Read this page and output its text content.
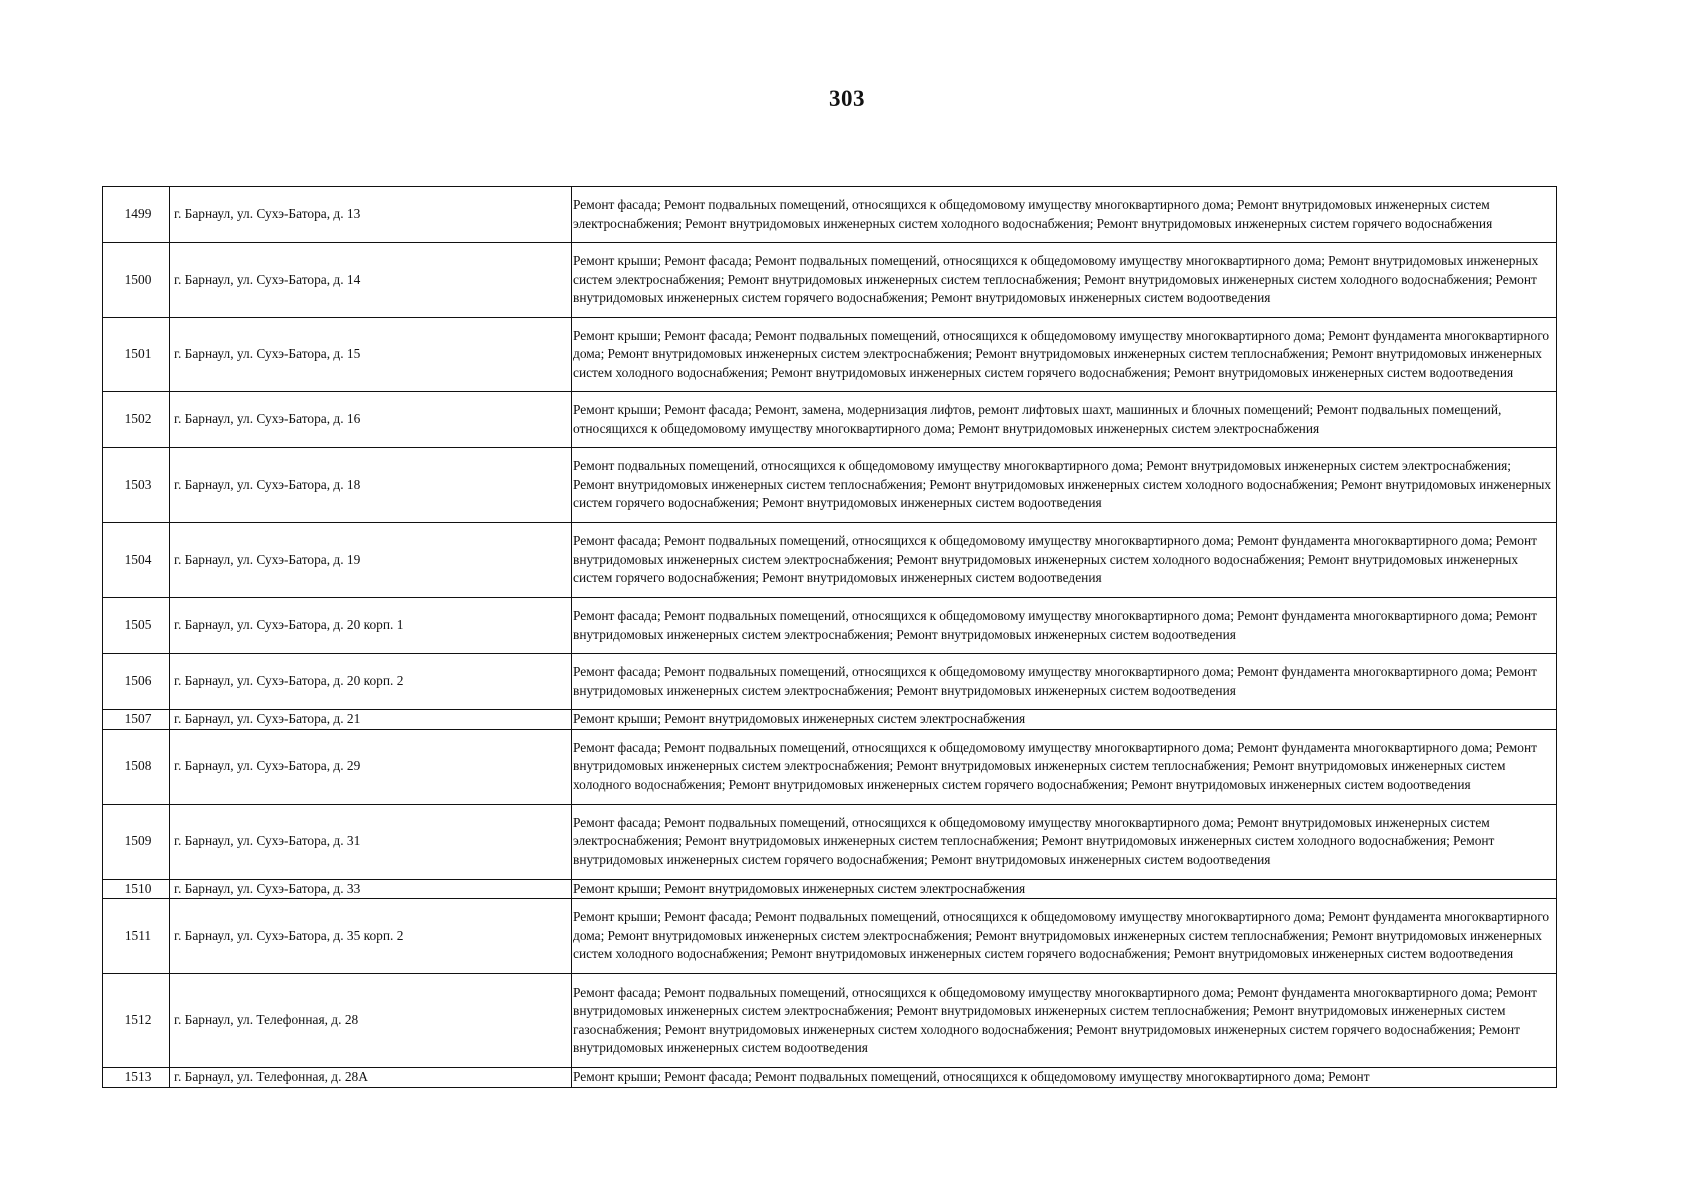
303
1499	г. Барнаул, ул. Сухэ-Батора, д. 13	Ремонт фасада; Ремонт подвальных помещений, относящихся к общедомовому имуществу многоквартирного дома; Ремонт внутридомовых инженерных систем электроснабжения; Ремонт внутридомовых инженерных систем холодного водоснабжения; Ремонт внутридомовых инженерных систем горячего водоснабжения
1500	г. Барнаул, ул. Сухэ-Батора, д. 14	Ремонт крыши; Ремонт фасада; Ремонт подвальных помещений, относящихся к общедомовому имуществу многоквартирного дома; Ремонт внутридомовых инженерных систем электроснабжения; Ремонт внутридомовых инженерных систем теплоснабжения; Ремонт внутридомовых инженерных систем холодного водоснабжения; Ремонт внутридомовых инженерных систем горячего водоснабжения; Ремонт внутридомовых инженерных систем водоотведения
1501	г. Барнаул, ул. Сухэ-Батора, д. 15	Ремонт крыши; Ремонт фасада; Ремонт подвальных помещений, относящихся к общедомовому имуществу многоквартирного дома; Ремонт фундамента многоквартирного дома; Ремонт внутридомовых инженерных систем электроснабжения; Ремонт внутридомовых инженерных систем теплоснабжения; Ремонт внутридомовых инженерных систем холодного водоснабжения; Ремонт внутридомовых инженерных систем горячего водоснабжения; Ремонт внутридомовых инженерных систем водоотведения
1502	г. Барнаул, ул. Сухэ-Батора, д. 16	Ремонт крыши; Ремонт фасада; Ремонт, замена, модернизация лифтов, ремонт лифтовых шахт, машинных и блочных помещений; Ремонт подвальных помещений, относящихся к общедомовому имуществу многоквартирного дома; Ремонт внутридомовых инженерных систем электроснабжения
1503	г. Барнаул, ул. Сухэ-Батора, д. 18	Ремонт подвальных помещений, относящихся к общедомовому имуществу многоквартирного дома; Ремонт внутридомовых инженерных систем электроснабжения; Ремонт внутридомовых инженерных систем теплоснабжения; Ремонт внутридомовых инженерных систем холодного водоснабжения; Ремонт внутридомовых инженерных систем горячего водоснабжения; Ремонт внутридомовых инженерных систем водоотведения
1504	г. Барнаул, ул. Сухэ-Батора, д. 19	Ремонт фасада; Ремонт подвальных помещений, относящихся к общедомовому имуществу многоквартирного дома; Ремонт фундамента многоквартирного дома; Ремонт внутридомовых инженерных систем электроснабжения; Ремонт внутридомовых инженерных систем холодного водоснабжения; Ремонт внутридомовых инженерных систем горячего водоснабжения; Ремонт внутридомовых инженерных систем водоотведения
1505	г. Барнаул, ул. Сухэ-Батора, д. 20 корп. 1	Ремонт фасада; Ремонт подвальных помещений, относящихся к общедомовому имуществу многоквартирного дома; Ремонт фундамента многоквартирного дома; Ремонт внутридомовых инженерных систем электроснабжения; Ремонт внутридомовых инженерных систем водоотведения
1506	г. Барнаул, ул. Сухэ-Батора, д. 20 корп. 2	Ремонт фасада; Ремонт подвальных помещений, относящихся к общедомовому имуществу многоквартирного дома; Ремонт фундамента многоквартирного дома; Ремонт внутридомовых инженерных систем электроснабжения; Ремонт внутридомовых инженерных систем водоотведения
1507	г. Барнаул, ул. Сухэ-Батора, д. 21	Ремонт крыши; Ремонт внутридомовых инженерных систем электроснабжения
1508	г. Барнаул, ул. Сухэ-Батора, д. 29	Ремонт фасада; Ремонт подвальных помещений, относящихся к общедомовому имуществу многоквартирного дома; Ремонт фундамента многоквартирного дома; Ремонт внутридомовых инженерных систем электроснабжения; Ремонт внутридомовых инженерных систем теплоснабжения; Ремонт внутридомовых инженерных систем холодного водоснабжения; Ремонт внутридомовых инженерных систем горячего водоснабжения; Ремонт внутридомовых инженерных систем водоотведения
1509	г. Барнаул, ул. Сухэ-Батора, д. 31	Ремонт фасада; Ремонт подвальных помещений, относящихся к общедомовому имуществу многоквартирного дома; Ремонт внутридомовых инженерных систем электроснабжения; Ремонт внутридомовых инженерных систем теплоснабжения; Ремонт внутридомовых инженерных систем холодного водоснабжения; Ремонт внутридомовых инженерных систем горячего водоснабжения; Ремонт внутридомовых инженерных систем водоотведения
1510	г. Барнаул, ул. Сухэ-Батора, д. 33	Ремонт крыши; Ремонт внутридомовых инженерных систем электроснабжения
1511	г. Барнаул, ул. Сухэ-Батора, д. 35 корп. 2	Ремонт крыши; Ремонт фасада; Ремонт подвальных помещений, относящихся к общедомовому имуществу многоквартирного дома; Ремонт фундамента многоквартирного дома; Ремонт внутридомовых инженерных систем электроснабжения; Ремонт внутридомовых инженерных систем теплоснабжения; Ремонт внутридомовых инженерных систем холодного водоснабжения; Ремонт внутридомовых инженерных систем горячего водоснабжения; Ремонт внутридомовых инженерных систем водоотведения
1512	г. Барнаул, ул. Телефонная, д. 28	Ремонт фасада; Ремонт подвальных помещений, относящихся к общедомовому имуществу многоквартирного дома; Ремонт фундамента многоквартирного дома; Ремонт внутридомовых инженерных систем электроснабжения; Ремонт внутридомовых инженерных систем теплоснабжения; Ремонт внутридомовых инженерных систем газоснабжения; Ремонт внутридомовых инженерных систем холодного водоснабжения; Ремонт внутридомовых инженерных систем горячего водоснабжения; Ремонт внутридомовых инженерных систем водоотведения
1513	г. Барнаул, ул. Телефонная, д. 28А	Ремонт крыши; Ремонт фасада; Ремонт подвальных помещений, относящихся к общедомовому имуществу многоквартирного дома; Ремонт
